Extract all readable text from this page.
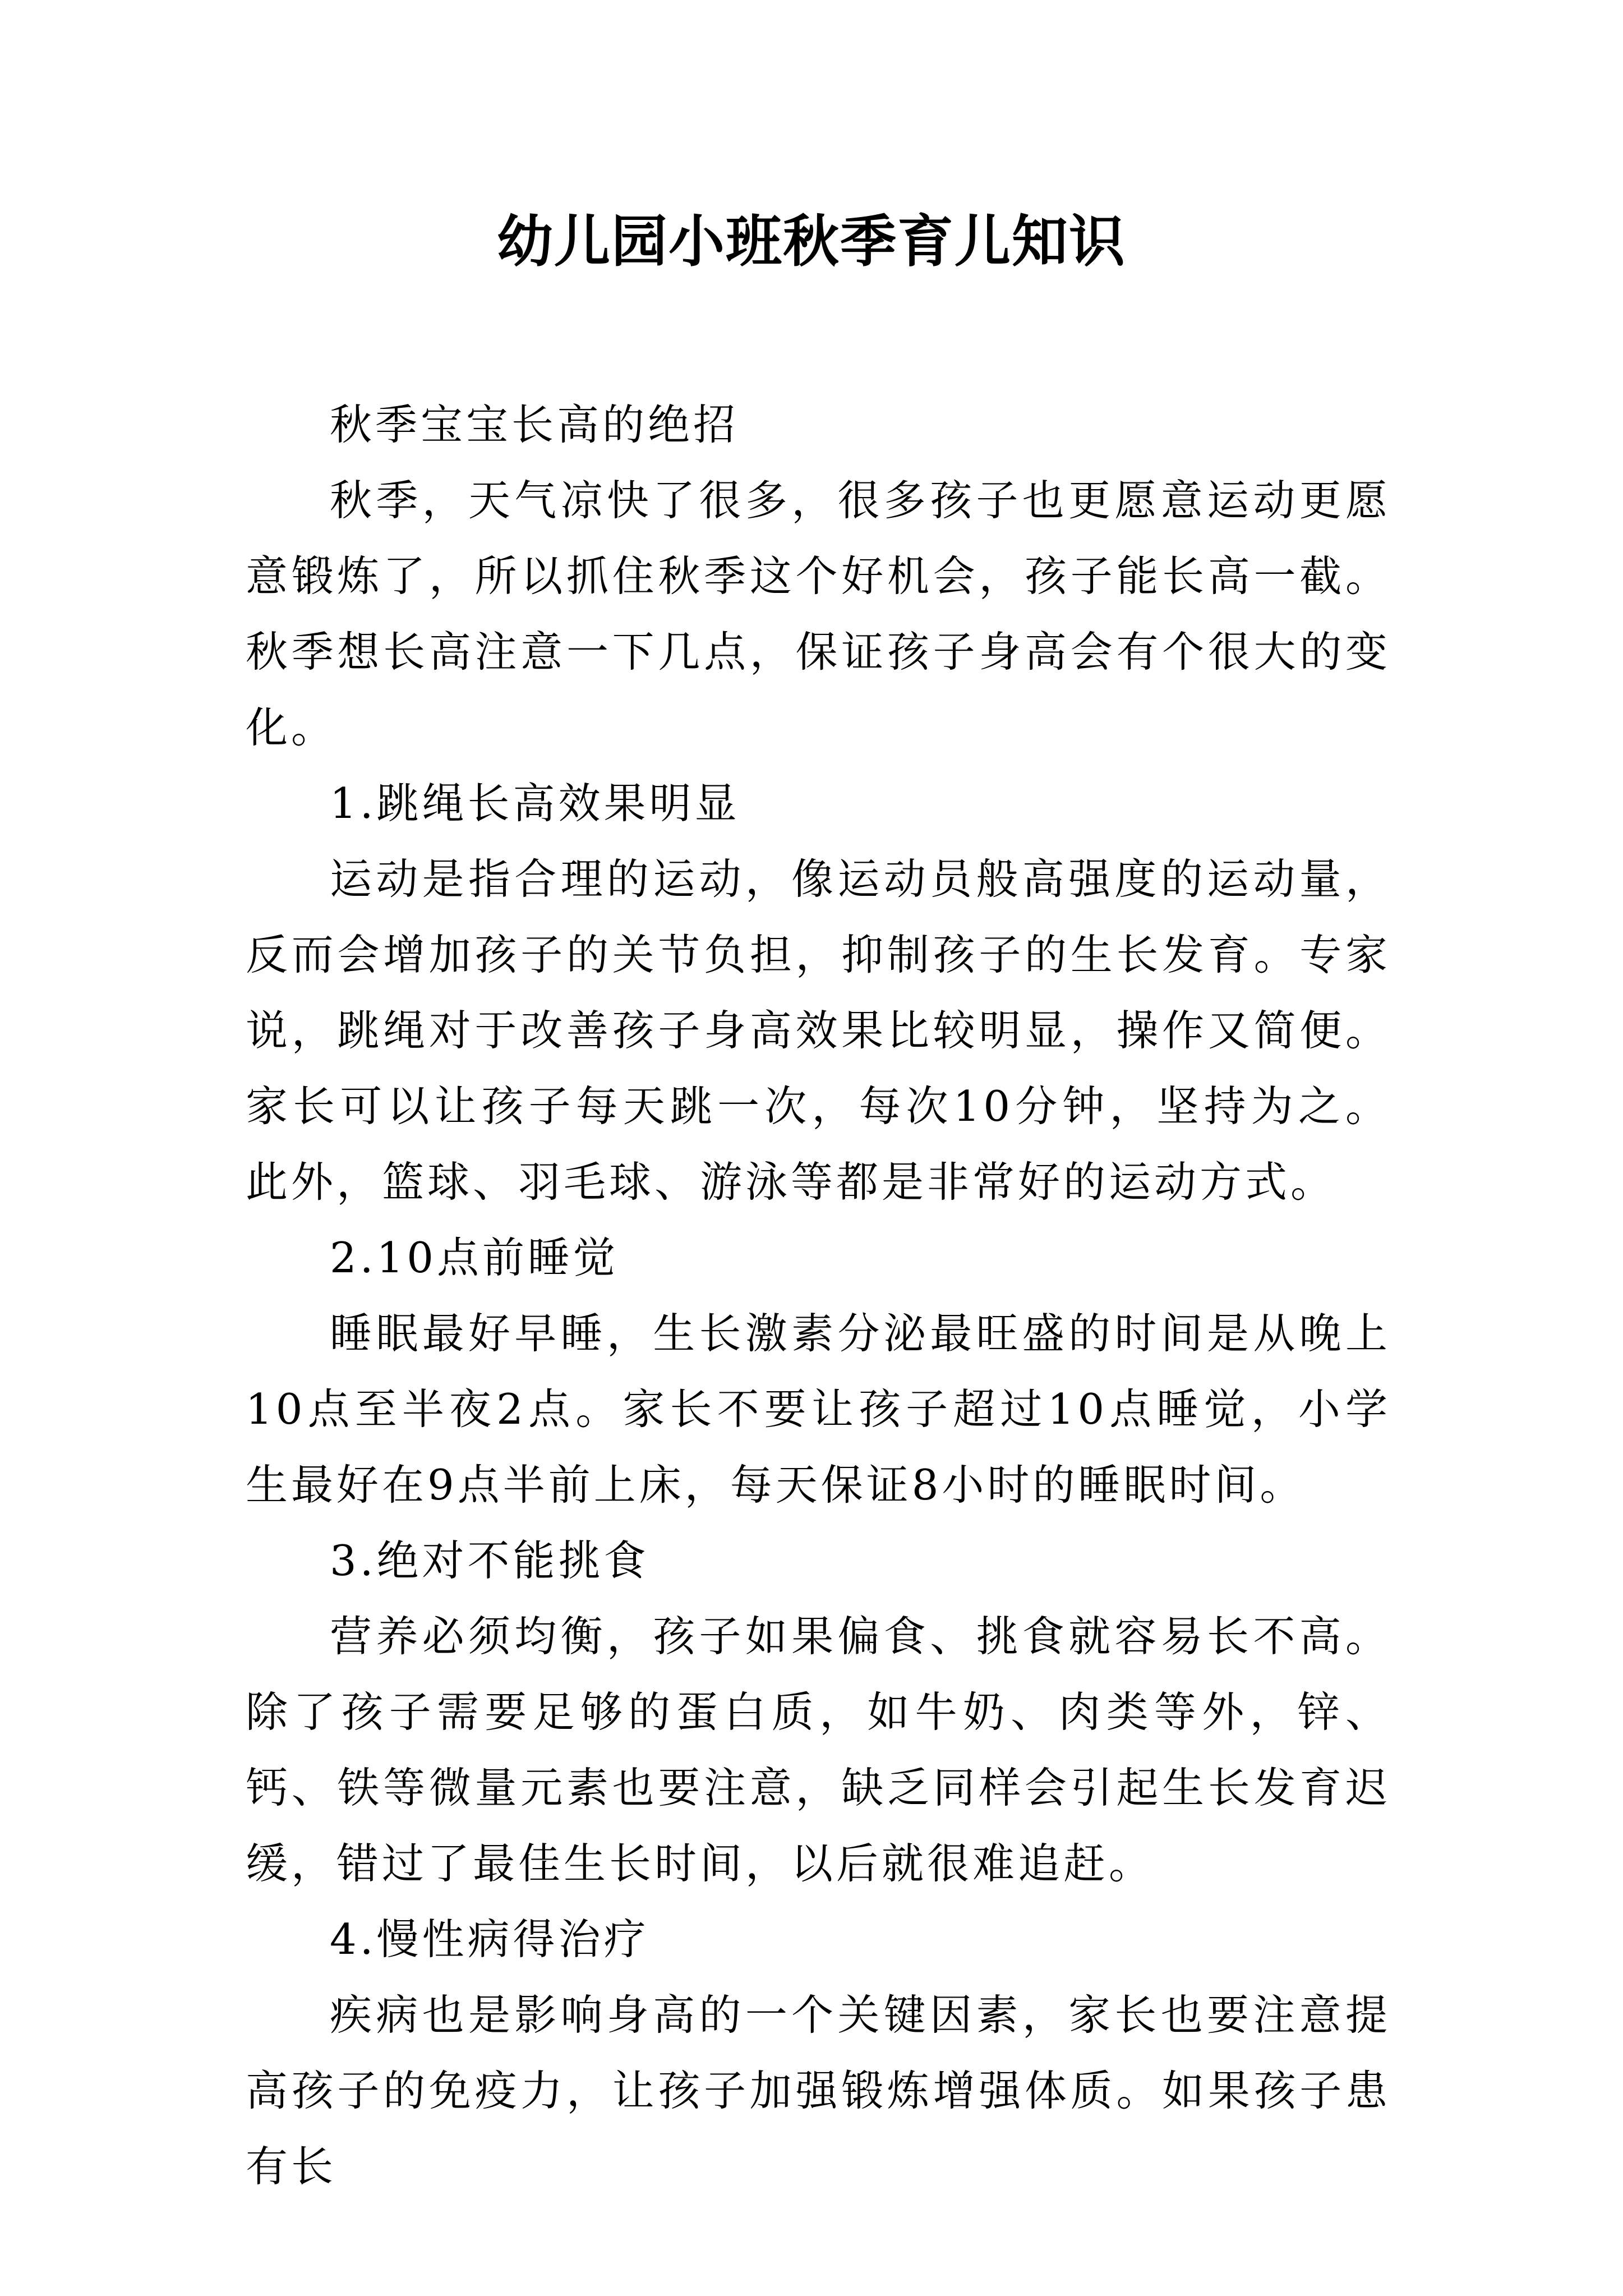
幼儿园小班秋季育儿知识

秋季宝宝长高的绝招

秋季，天气凉快了很多，很多孩子也更愿意运动更愿意锻炼了，所以抓住秋季这个好机会，孩子能长高一截。秋季想长高注意一下几点，保证孩子身高会有个很大的变化。

1.跳绳长高效果明显

运动是指合理的运动，像运动员般高强度的运动量，反而会增加孩子的关节负担，抑制孩子的生长发育。专家说，跳绳对于改善孩子身高效果比较明显，操作又简便。家长可以让孩子每天跳一次，每次10分钟，坚持为之。此外，篮球、羽毛球、游泳等都是非常好的运动方式。

2.10点前睡觉

睡眠最好早睡，生长激素分泌最旺盛的时间是从晚上10点至半夜2点。家长不要让孩子超过10点睡觉，小学生最好在9点半前上床，每天保证8小时的睡眠时间。

3.绝对不能挑食

营养必须均衡，孩子如果偏食、挑食就容易长不高。除了孩子需要足够的蛋白质，如牛奶、肉类等外，锌、钙、铁等微量元素也要注意，缺乏同样会引起生长发育迟缓，错过了最佳生长时间，以后就很难追赶。

4.慢性病得治疗

疾病也是影响身高的一个关键因素，家长也要注意提高孩子的免疫力，让孩子加强锻炼增强体质。如果孩子患有长
